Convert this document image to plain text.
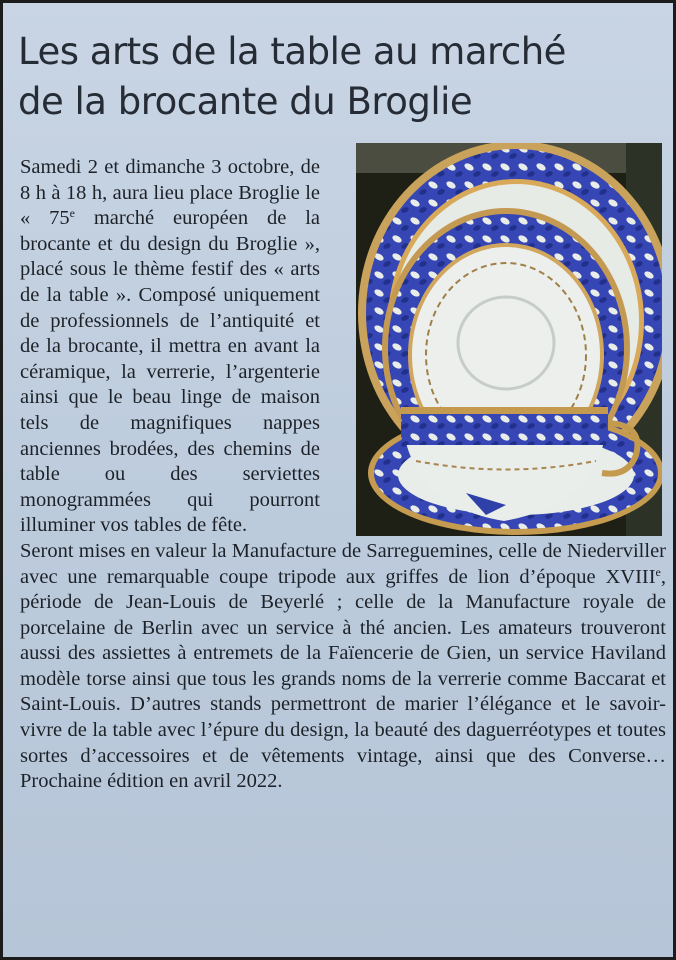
Les arts de la table au marché
de la brocante du Broglie

Samedi 2 et dimanche 3 octobre, de 8 h à 18 h, aura lieu place Broglie le « 75e marché européen de la brocante et du design du Broglie », placé sous le thème festif des « arts de la table ». Composé uniquement de professionnels de l’antiquité et de la brocante, il mettra en avant la céramique, la verrerie, l’argenterie ainsi que le beau linge de maison tels de magnifiques nappes anciennes brodées, des chemins de table ou des serviettes monogrammées qui pourront illuminer vos tables de fête.

Seront mises en valeur la Manufacture de Sarreguemines, celle de Niederviller avec une remarquable coupe tripode aux griffes de lion d’époque XVIIIe, période de Jean-Louis de Beyerlé ; celle de la Manufacture royale de porcelaine de Berlin avec un service à thé ancien. Les amateurs trouveront aussi des assiettes à entremets de la Faïencerie de Gien, un service Haviland modèle torse ainsi que tous les grands noms de la verrerie comme Baccarat et Saint-Louis. D’autres stands permettront de marier l’élégance et le savoir-vivre de la table avec l’épure du design, la beauté des daguerréotypes et toutes sortes d’accessoires et de vêtements vintage, ainsi que des Converse… Prochaine édition en avril 2022.
